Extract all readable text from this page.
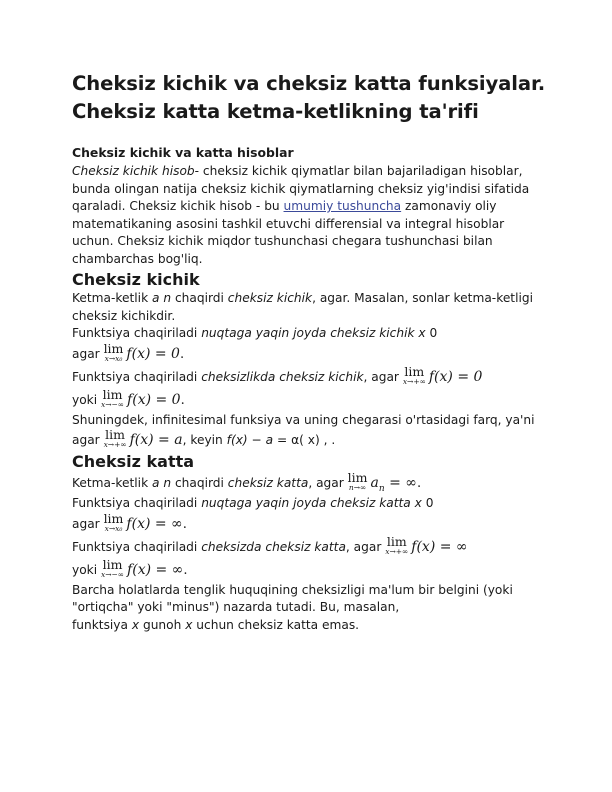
Cheksiz kichik va cheksiz katta funksiyalar.
Cheksiz katta ketma-ketlikning ta'rifi
Cheksiz kichik va katta hisoblar

Cheksiz kichik hisob- cheksiz kichik qiymatlar bilan bajariladigan hisoblar,
bunda olingan natija cheksiz kichik qiymatlarning cheksiz yig'indisi sifatida
qaraladi. Cheksiz kichik hisob - bu umumiy tushuncha zamonaviy oliy
matematikaning asosini tashkil etuvchi differensial va integral hisoblar
uchun. Cheksiz kichik miqdor tushunchasi chegara tushunchasi bilan
chambarchas bog'liq.

Cheksiz kichik

Ketma-ketlik a n chaqirdi cheksiz kichik, agar. Masalan, sonlar ketma-ketligi
cheksiz kichikdir.
Funktsiya chaqiriladi nuqtaga yaqin joyda cheksiz kichik x 0

agar lim
x→x₀ f(x) = 0.
Funktsiya chaqiriladi cheksizlikda cheksiz kichik, agar lim
x→+∞ f(x) = 0
yoki lim
x→−∞ f(x) = 0.

Shuningdek, infinitesimal funksiya va uning chegarasi o'rtasidagi farq, ya'ni

agar lim
x→+∞ f(x) = a, keyin f(x) − a = α( x) , .
Cheksiz katta
Ketma-ketlik a n chaqirdi cheksiz katta, agar lim
n→∞ $a_n$ = ∞.

Funktsiya chaqiriladi nuqtaga yaqin joyda cheksiz katta x 0

agar lim
x→x₀ f(x) = ∞.
Funktsiya chaqiriladi cheksizda cheksiz katta, agar lim
x→+∞ f(x) = ∞
yoki lim
x→−∞ f(x) = ∞.

Barcha holatlarda tenglik huquqining cheksizligi ma'lum bir belgini (yoki
"ortiqcha" yoki "minus") nazarda tutadi. Bu, masalan,
funktsiya x gunoh x uchun cheksiz katta emas.
